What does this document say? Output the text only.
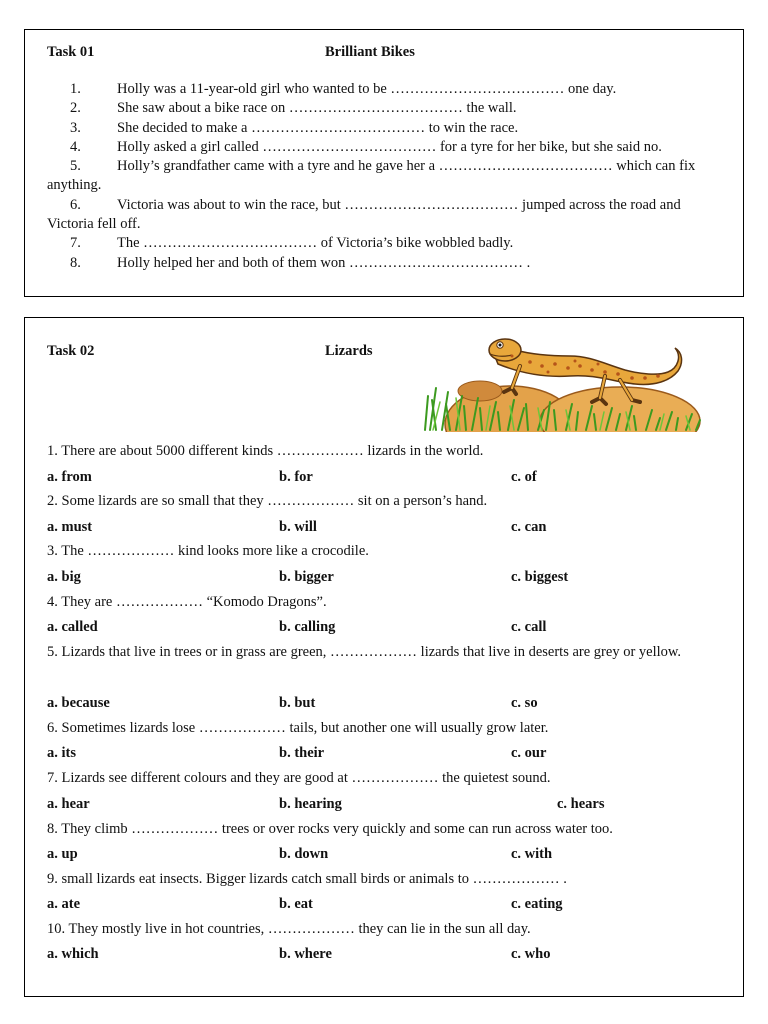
Task 01	Brilliant Bikes
1. Holly was a 11-year-old girl who wanted to be ……………………………… one day.
2. She saw about a bike race on ……………………………… the wall.
3. She decided to make a ……………………………… to win the race.
4. Holly asked a girl called ……………………………… for a tyre for her bike, but she said no.
5. Holly’s grandfather came with a tyre and he gave her a ……………………………… which can fix anything.
6. Victoria was about to win the race, but ……………………………… jumped across the road and Victoria fell off.
7. The ……………………………… of Victoria’s bike wobbled badly.
8. Holly helped her and both of them won ……………………………… .
Task 02	Lizards
1. There are about 5000 different kinds ……………… lizards in the world.
a. from	b. for	c. of
2. Some lizards are so small that they ……………… sit on a person’s hand.
a. must	b. will	c. can
3. The ……………… kind looks more like a crocodile.
a. big	b. bigger	c. biggest
4. They are ……………… “Komodo Dragons”.
a. called	b. calling	c. call
5. Lizards that live in trees or in grass are green, ……………… lizards that live in deserts are grey or yellow.
a. because	b. but	c. so
6. Sometimes lizards lose ……………… tails, but another one will usually grow later.
a. its	b. their	c. our
7. Lizards see different colours and they are good at ……………… the quietest sound.
a. hear	b. hearing	c. hears
8. They climb ……………… trees or over rocks very quickly and some can run across water too.
a. up	b. down	c. with
9. small lizards eat insects. Bigger lizards catch small birds or animals to ……………… .
a. ate	b. eat	c. eating
10. They mostly live in hot countries, ……………… they can lie in the sun all day.
a. which	b. where	c. who
